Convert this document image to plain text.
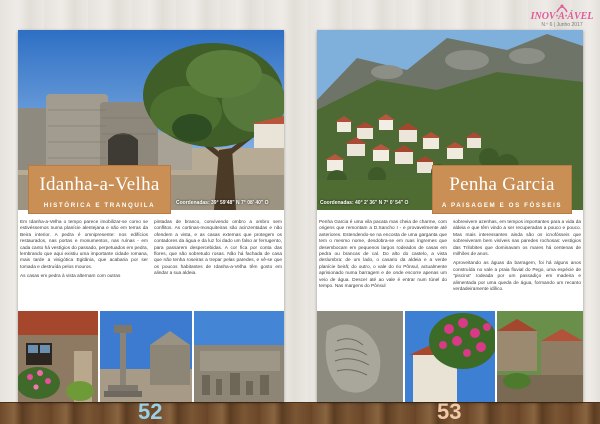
INOV·A·ÁVEL
N.º 6 | Junho 2017
Idanha-a-Velha
HISTÓRICA E TRANQUILA	Coordenadas: 39° 59'48" N 7° 08' 40" O

Em Idanha-a-Velha o tempo parece imobilizar-se como se estivéssemos numa planície alentejana e não em terras da Beira interior. A pedra é omnipresente: nos edifícios restaurados, nas portas e monumentos, nas ruínas - em cada canto há vestígios do passado, perpetuados em pedra, lembrando que aqui existiu uma importante cidade romana, mais tarde a visigótica Egitânia, que acabaria por ser tomada e destruída pelos mouros.

As casas em pedra à vista alternam com outras

pintadas de branco, convivendo ombro a ombro sem conflitos. As cortinas-mosquiteiras são acinzentadas e não ofendem a vista, e as casas externas que protegem os contadores da água e da luz foi dado um falso ar ferrugento, para passarem despercebidas. A cor fica por conta das flores, que são sobretudo rosas. Não há fachada de casa que não tenha roseiras a trepar pelas paredes, e vê-se que os poucos habitantes de Idanha-a-Velha têm gosto em alindar a sua aldeia.

Penha Garcia
A PAISAGEM E OS FÓSSEIS
Coordenadas: 40° 2' 36" N 7° 0' 54" O

Penha Garcia é uma vila pacata mas cheia de charme, com origens que remontam a D.Sancho I - e provavelmente até anteriores. Estendendo-se na encosta de uma garganta que tem o mesmo nome, desdobra-se em ruas íngremes que desembocam em pequenos largos rodeados de casas em pedra ou brancas de cal. Do alto do castelo, a vista deslumbra: de um lado, o casario da aldeia e a verde planície beirã; do outro, o vale do rio Pônsul, actualmente aprisionado numa barragem e de onde escorre apenas um veio de água. Descer até ao vale é entrar num túnel do tempo. Nas margens do Pônsul

sobrevivem azenhas, em tempos importantes para a vida da aldeia e que têm vindo a ser recuperadas a pouco e pouco. Mas mais interessantes ainda são os icnofósseis que sobreviveram bem visíveis nas paredes rochosas: vestígios das Trilobites que dominavam os mares há centenas de milhões de anos.

Aproveitando as águas da barragem, foi há alguns anos construída no vale a praia fluvial do Pego, uma espécie de "piscina" rodeada por um passadiço em madeira e alimentada por uma queda de água, formando um recanto verdadeiramente idílico.

52	53
